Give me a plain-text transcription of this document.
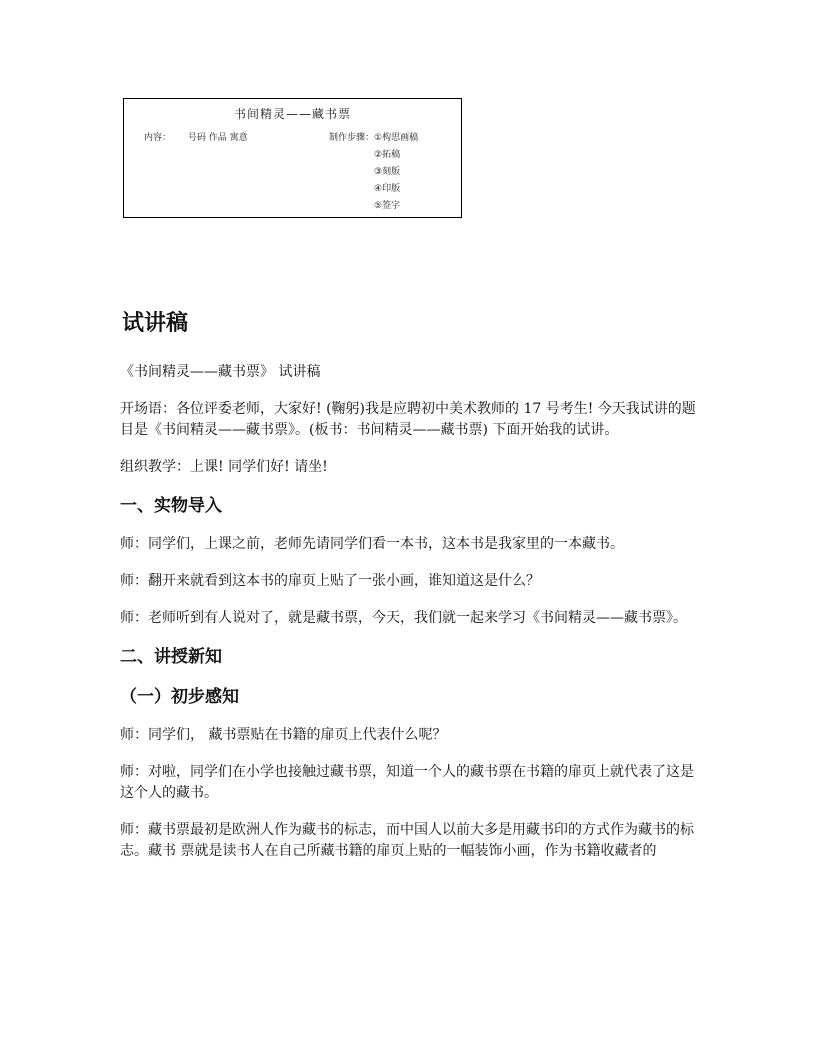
书间精灵——藏书票
内容： 号码 作品 寓意	制作步骤： ①构思画稿
②拓稿
③刻版
④印版
⑤签字
试讲稿

《书间精灵——藏书票》 试讲稿

开场语：各位评委老师，大家好! (鞠躬)我是应聘初中美术教师的 17 号考生! 今天我试讲的题目是《书间精灵——藏书票》。(板书：书间精灵——藏书票) 下面开始我的试讲。

组织教学：上课! 同学们好! 请坐!

一、实物导入

师：同学们，上课之前，老师先请同学们看一本书，这本书是我家里的一本藏书。

师：翻开来就看到这本书的扉页上贴了一张小画，谁知道这是什么？

师：老师听到有人说对了，就是藏书票，今天，我们就一起来学习《书间精灵——藏书票》。

二、讲授新知
（一）初步感知

师：同学们， 藏书票贴在书籍的扉页上代表什么呢？

师：对啦，同学们在小学也接触过藏书票，知道一个人的藏书票在书籍的扉页上就代表了这是这个人的藏书。

师：藏书票最初是欧洲人作为藏书的标志，而中国人以前大多是用藏书印的方式作为藏书的标志。藏书 票就是读书人在自己所藏书籍的扉页上贴的一幅装饰小画，作为书籍收藏者的
